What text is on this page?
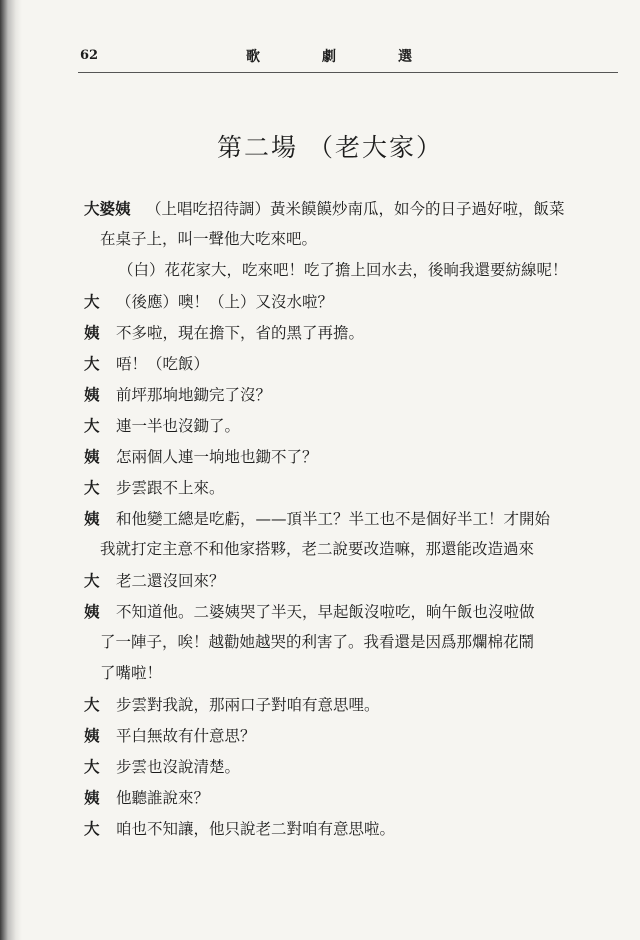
62	歌	劇	選
第二場 （老大家）
大婆姨 （上唱吃招待調）黃米饃饃炒南瓜，如今的日子過好啦，飯菜
在桌子上，叫一聲他大吃來吧。
（白）花花家大，吃來吧！吃了擔上回水去，後晌我還要紡線呢！
大 （後應）噢！（上）又沒水啦？
姨 不多啦，現在擔下，省的黑了再擔。
大 唔！（吃飯）
姨 前坪那垧地鋤完了沒？
大 連一半也沒鋤了。
姨 怎兩個人連一垧地也鋤不了？
大 步雲跟不上來。
姨 和他變工總是吃虧，——頂半工？半工也不是個好半工！才開始
我就打定主意不和他家搭夥，老二說要改造嘛，那還能改造過來
大 老二還沒回來？
姨 不知道他。二婆姨哭了半天，早起飯沒啦吃，晌午飯也沒啦做
了一陣子，唉！越勸她越哭的利害了。我看還是因爲那爛棉花鬧
了嘴啦！
大 步雲對我說，那兩口子對咱有意思哩。
姨 平白無故有什意思？
大 步雲也沒說清楚。
姨 他聽誰說來？
大 咱也不知讓，他只說老二對咱有意思啦。
